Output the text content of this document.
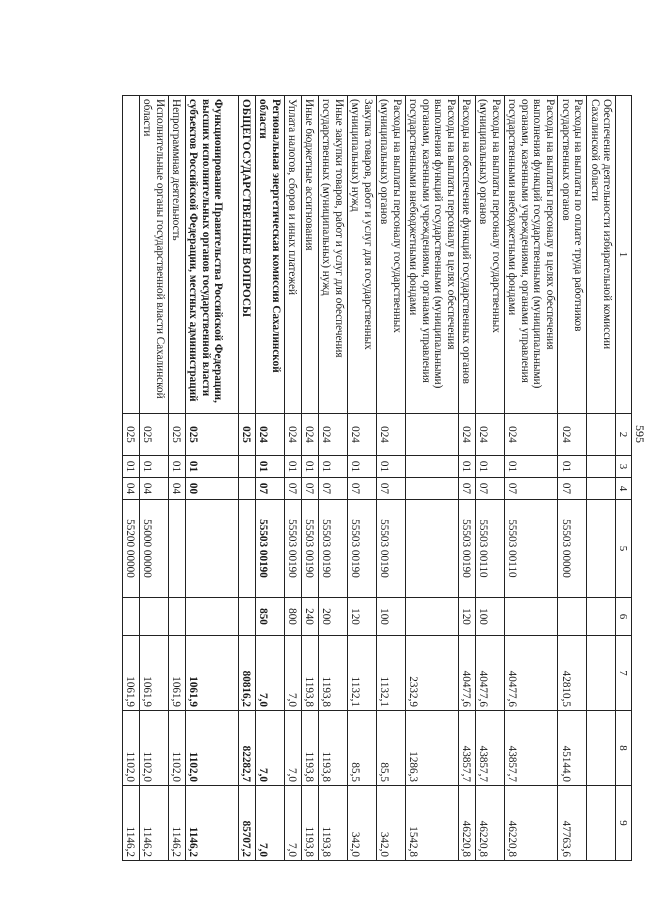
595
1	2	3	4	5	6	7	8	9
Обеспечение деятельности избирательной комиссии Сахалинской области								
Расходы на выплаты по оплате труда работников государственных органов	024	01	07	55503 00000		42810,5	45144,0	47763,6
Расходы на выплаты персоналу в целях обеспечения выполнения функций государственными (муниципальными) органами, казенными учреждениями, органами управления государственными внебюджетными фондами	024	01	07	55503 00110		40477,6	43857,7	46220,8
Расходы на выплаты персоналу государственных (муниципальных) органов	024	01	07	55503 00110	100	40477,6	43857,7	46220,8
Расходы на обеспечение функций государственных органов	024	01	07	55503 00190	120	40477,6	43857,7	46220,8
Расходы на выплаты персоналу в целях обеспечения выполнения функций государственными (муниципальными) органами, казенными учреждениями, органами управления государственными внебюджетными фондами						2332,9	1286,3	1542,8
Расходы на выплаты персоналу государственных (муниципальных) органов	024	01	07	55503 00190	100	1132,1	85,5	342,0
Закупка товаров, работ и услуг для государственных (муниципальных) нужд	024	01	07	55503 00190	120	1132,1	85,5	342,0
Иные закупки товаров, работ и услуг для обеспечения государственных (муниципальных) нужд	024	01	07	55503 00190	200	1193,8	1193,8	1193,8
Иные бюджетные ассигнования	024	01	07	55503 00190	240	1193,8	1193,8	1193,8
Уплата налогов, сборов и иных платежей	024	01	07	55503 00190	800	7,0	7,0	7,0
Региональная энергетическая комиссия Сахалинской области	024	01	07	55503 00190	850	7,0	7,0	7,0
ОБЩЕГОСУДАРСТВЕННЫЕ ВОПРОСЫ	025					80816,2	82282,7	85707,2
Функционирование Правительства Российской Федерации, высших исполнительных органов государственной власти субъектов Российской Федерации, местных администраций	025	01	00			1061,9	1102,0	1146,2
Непрограммная деятельность	025	01	04			1061,9	1102,0	1146,2
Исполнительные органы государственной власти Сахалинской области	025	01	04	55000 00000		1061,9	1102,0	1146,2
	025	01	04	55200 00000		1061,9	1102,0	1146,2
